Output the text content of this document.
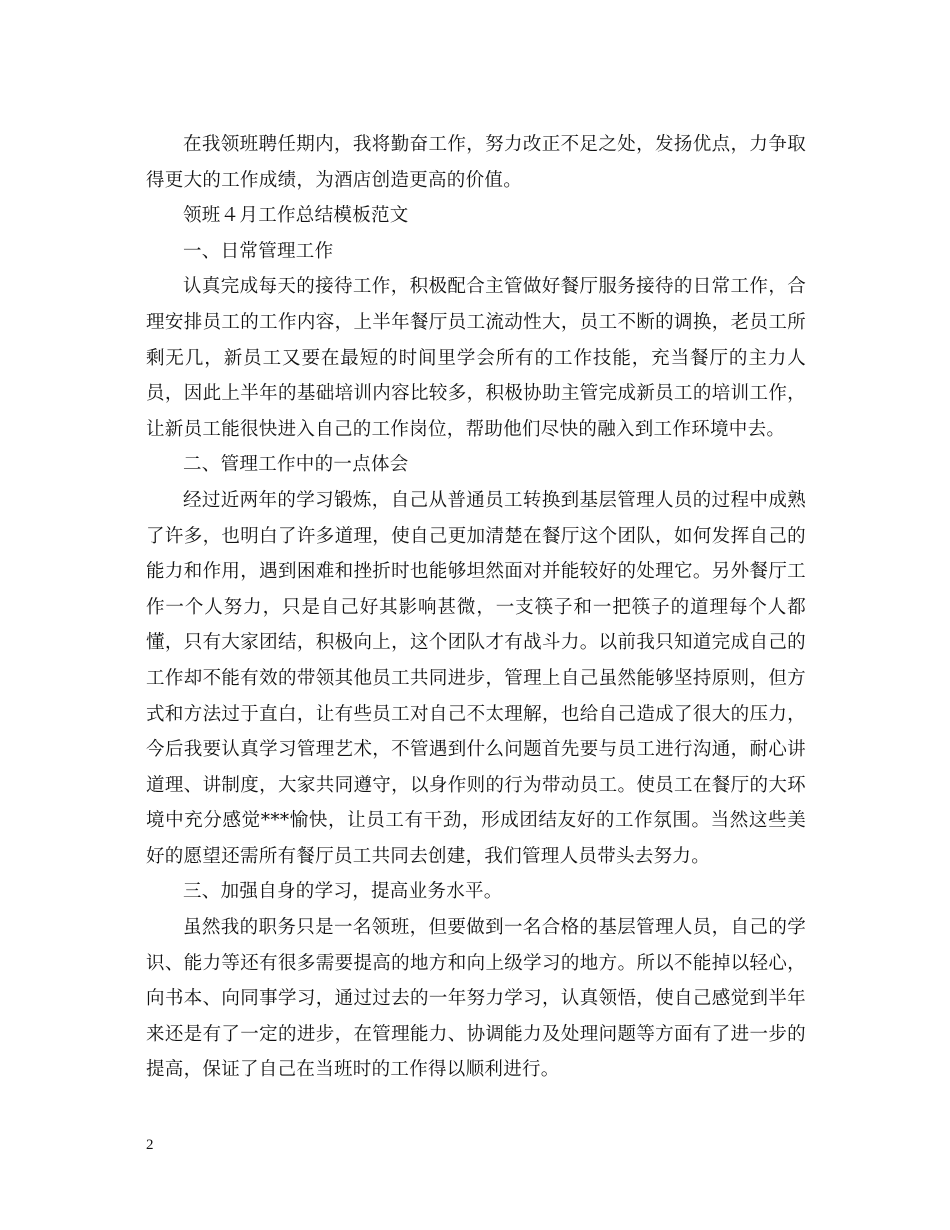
在我领班聘任期内，我将勤奋工作，努力改正不足之处，发扬优点，力争取得更大的工作成绩，为酒店创造更高的价值。

领班４月工作总结模板范文

一、日常管理工作

认真完成每天的接待工作，积极配合主管做好餐厅服务接待的日常工作，合理安排员工的工作内容，上半年餐厅员工流动性大，员工不断的调换，老员工所剩无几，新员工又要在最短的时间里学会所有的工作技能，充当餐厅的主力人员，因此上半年的基础培训内容比较多，积极协助主管完成新员工的培训工作，让新员工能很快进入自己的工作岗位，帮助他们尽快的融入到工作环境中去。

二、管理工作中的一点体会

经过近两年的学习锻炼，自己从普通员工转换到基层管理人员的过程中成熟了许多，也明白了许多道理，使自己更加清楚在餐厅这个团队，如何发挥自己的能力和作用，遇到困难和挫折时也能够坦然面对并能较好的处理它。另外餐厅工作一个人努力，只是自己好其影响甚微，一支筷子和一把筷子的道理每个人都懂，只有大家团结，积极向上，这个团队才有战斗力。以前我只知道完成自己的工作却不能有效的带领其他员工共同进步，管理上自己虽然能够坚持原则，但方式和方法过于直白，让有些员工对自己不太理解，也给自己造成了很大的压力，今后我要认真学习管理艺术，不管遇到什么问题首先要与员工进行沟通，耐心讲道理、讲制度，大家共同遵守，以身作则的行为带动员工。使员工在餐厅的大环境中充分感觉***愉快，让员工有干劲，形成团结友好的工作氛围。当然这些美好的愿望还需所有餐厅员工共同去创建，我们管理人员带头去努力。

三、加强自身的学习，提高业务水平。

虽然我的职务只是一名领班，但要做到一名合格的基层管理人员，自己的学识、能力等还有很多需要提高的地方和向上级学习的地方。所以不能掉以轻心，向书本、向同事学习，通过过去的一年努力学习，认真领悟，使自己感觉到半年来还是有了一定的进步，在管理能力、协调能力及处理问题等方面有了进一步的提高，保证了自己在当班时的工作得以顺利进行。

2
